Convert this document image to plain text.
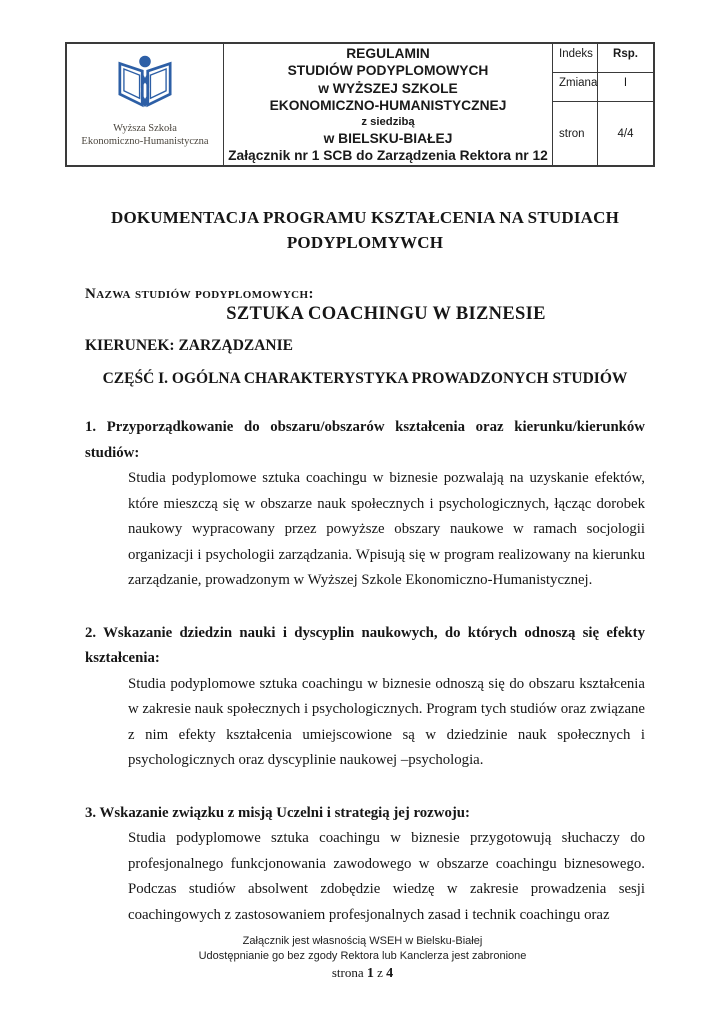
Wyższa Szkoła
Ekonomiczno-Humanistyczna
REGULAMIN
STUDIÓW PODYPLOMOWYCH
w WYŻSZEJ SZKOLE
EKONOMICZNO-HUMANISTYCZNEJ
z siedzibą
w BIELSKU-BIAŁEJ
Załącznik nr 1 SCB do Zarządzenia Rektora nr 12
Indeks	Rsp.
Zmiana	I
stron	4/4
DOKUMENTACJA PROGRAMU KSZTAŁCENIA NA STUDIACH PODYPLOMYWCH
Nazwa studiów podyplomowych:
SZTUKA COACHINGU W BIZNESIE
KIERUNEK: ZARZĄDZANIE
CZĘŚĆ I. OGÓLNA CHARAKTERYSTYKA PROWADZONYCH STUDIÓW
1. Przyporządkowanie do obszaru/obszarów kształcenia oraz kierunku/kierunków studiów:
Studia podyplomowe sztuka coachingu w biznesie pozwalają na uzyskanie efektów, które mieszczą się w obszarze nauk społecznych i psychologicznych, łącząc dorobek naukowy wypracowany przez powyższe obszary naukowe w ramach socjologii organizacji i psychologii zarządzania. Wpisują się w program realizowany na kierunku zarządzanie, prowadzonym w Wyższej Szkole Ekonomiczno-Humanistycznej.
2. Wskazanie dziedzin nauki i dyscyplin naukowych, do których odnoszą się efekty kształcenia:
Studia podyplomowe sztuka coachingu w biznesie odnoszą się do obszaru kształcenia w zakresie nauk społecznych i psychologicznych. Program tych studiów oraz związane z nim efekty kształcenia umiejscowione są w dziedzinie nauk społecznych i psychologicznych oraz dyscyplinie naukowej –psychologia.
3. Wskazanie związku z misją Uczelni i strategią jej rozwoju:
Studia podyplomowe sztuka coachingu w biznesie przygotowują słuchaczy do profesjonalnego funkcjonowania zawodowego w obszarze coachingu biznesowego. Podczas studiów absolwent zdobędzie wiedzę w zakresie prowadzenia sesji coachingowych z zastosowaniem profesjonalnych zasad i technik coachingu oraz
Załącznik jest własnością WSEH w Bielsku-Białej
Udostępnianie go bez zgody Rektora lub Kanclerza jest zabronione
strona 1 z 4
